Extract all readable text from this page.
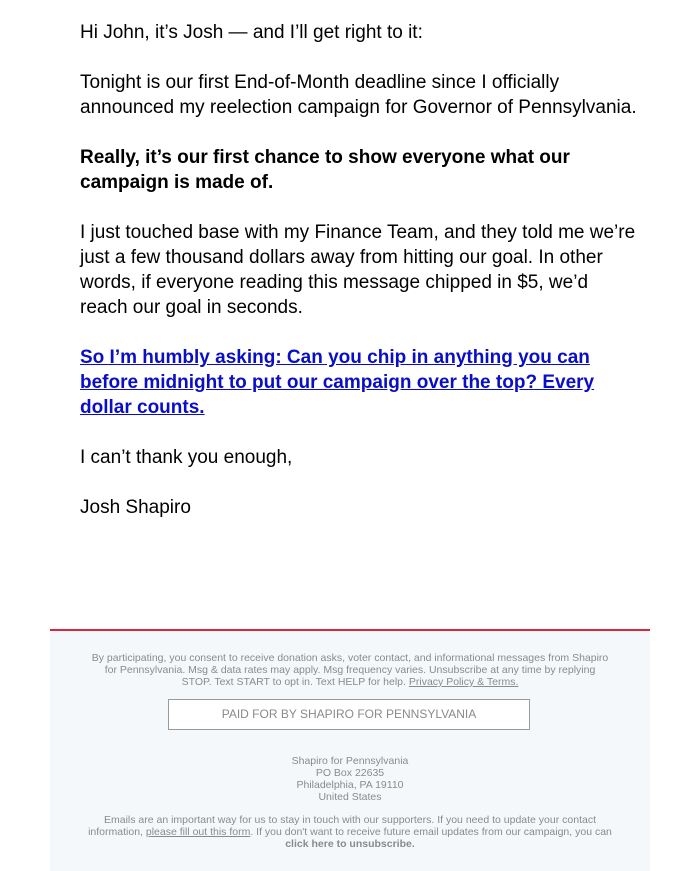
Hi John, it’s Josh — and I’ll get right to it:

Tonight is our first End-of-Month deadline since I officially announced my reelection campaign for Governor of Pennsylvania.

Really, it’s our first chance to show everyone what our campaign is made of.

I just touched base with my Finance Team, and they told me we’re just a few thousand dollars away from hitting our goal. In other words, if everyone reading this message chipped in $5, we’d reach our goal in seconds.

So I’m humbly asking: Can you chip in anything you can before midnight to put our campaign over the top? Every dollar counts.

I can’t thank you enough,

Josh Shapiro

By participating, you consent to receive donation asks, voter contact, and informational messages from Shapiro for Pennsylvania. Msg & data rates may apply. Msg frequency varies. Unsubscribe at any time by replying STOP. Text START to opt in. Text HELP for help. Privacy Policy & Terms.
PAID FOR BY SHAPIRO FOR PENNSYLVANIA
Shapiro for Pennsylvania
PO Box 22635
Philadelphia, PA 19110
United States
Emails are an important way for us to stay in touch with our supporters. If you need to update your contact information, please fill out this form. If you don't want to receive future email updates from our campaign, you can click here to unsubscribe.
